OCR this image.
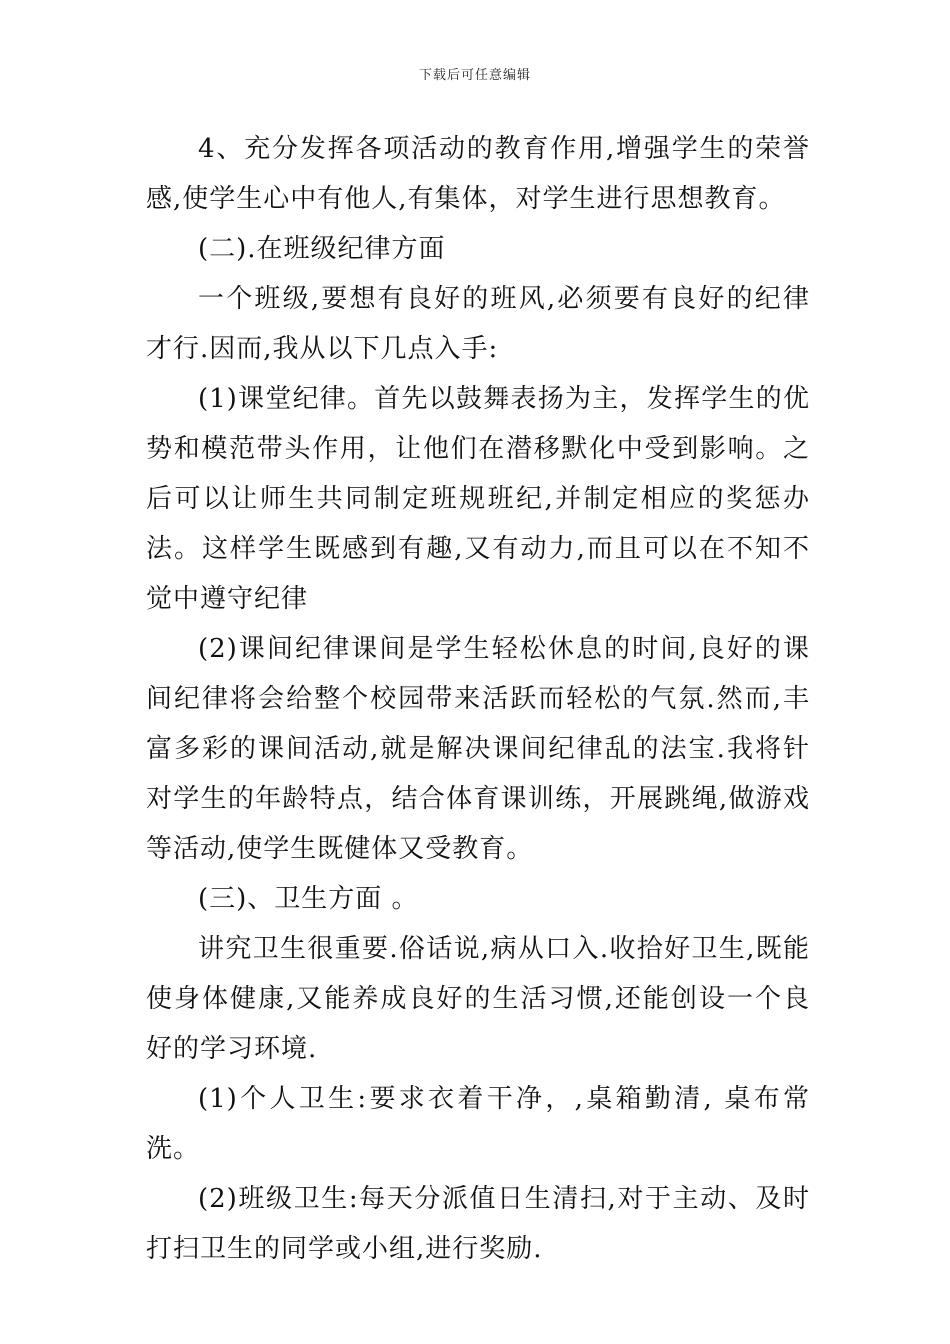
下载后可任意编辑

4、充分发挥各项活动的教育作用,增强学生的荣誉感,使学生心中有他人,有集体，对学生进行思想教育。

(二).在班级纪律方面

一个班级,要想有良好的班风,必须要有良好的纪律才行.因而,我从以下几点入手:

(1)课堂纪律。首先以鼓舞表扬为主，发挥学生的优势和模范带头作用，让他们在潜移默化中受到影响。之后可以让师生共同制定班规班纪,并制定相应的奖惩办法。这样学生既感到有趣,又有动力,而且可以在不知不觉中遵守纪律

(2)课间纪律课间是学生轻松休息的时间,良好的课间纪律将会给整个校园带来活跃而轻松的气氛.然而,丰富多彩的课间活动,就是解决课间纪律乱的法宝.我将针对学生的年龄特点，结合体育课训练，开展跳绳,做游戏等活动,使学生既健体又受教育。

(三)、卫生方面 。

讲究卫生很重要.俗话说,病从口入.收拾好卫生,既能使身体健康,又能养成良好的生活习惯,还能创设一个良好的学习环境.

(1)个人卫生:要求衣着干净，,桌箱勤清, 桌布常洗。

(2)班级卫生:每天分派值日生清扫,对于主动、及时打扫卫生的同学或小组,进行奖励.
